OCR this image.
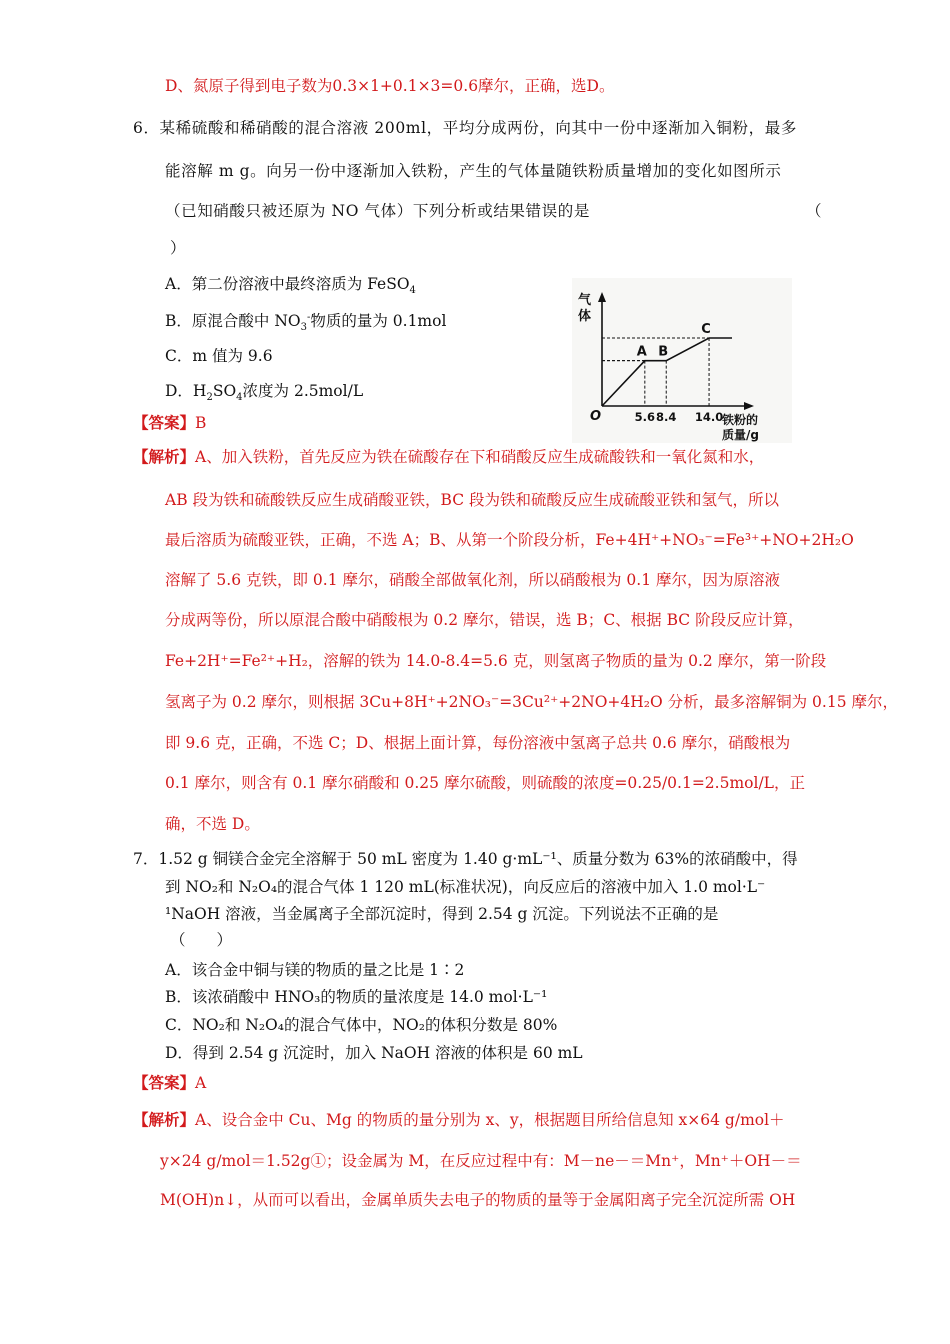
D、氮原子得到电子数为0.3×1+0.1×3=0.6摩尔，正确，选D。
6．某稀硫酸和稀硝酸的混合溶液 200ml，平均分成两份，向其中一份中逐渐加入铜粉，最多
能溶解 m g。向另一份中逐渐加入铁粉，产生的气体量随铁粉质量增加的变化如图所示
（已知硝酸只被还原为 NO 气体）下列分析或结果错误的是	（
）
A．第二份溶液中最终溶质为 FeSO$_4$
B．原混合酸中 $NO_3^-$物质的量为 0.1mol
C．m 值为 9.6
D．$H_2SO_4$浓度为 2.5mol/L
【答案】B
气
体
O	5.6 8.4 14.0
A B
C
铁粉的
质量/g
【解析】A、加入铁粉，首先反应为铁在硫酸存在下和硝酸反应生成硫酸铁和一氧化氮和水，
AB 段为铁和硫酸铁反应生成硝酸亚铁，BC 段为铁和硫酸反应生成硫酸亚铁和氢气，所以
最后溶质为硫酸亚铁，正确，不选 A；B、从第一个阶段分析，Fe+4H⁺+NO₃⁻=Fe³⁺+NO+2H₂O
溶解了 5.6 克铁，即 0.1 摩尔，硝酸全部做氧化剂，所以硝酸根为 0.1 摩尔，因为原溶液
分成两等份，所以原混合酸中硝酸根为 0.2 摩尔，错误，选 B；C、根据 BC 阶段反应计算，
Fe+2H⁺=Fe²⁺+H₂，溶解的铁为 14.0-8.4=5.6 克，则氢离子物质的量为 0.2 摩尔，第一阶段
氢离子为 0.2 摩尔，则根据 3Cu+8H⁺+2NO₃⁻=3Cu²⁺+2NO+4H₂O 分析，最多溶解铜为 0.15 摩尔，
即 9.6 克，正确，不选 C；D、根据上面计算，每份溶液中氢离子总共 0.6 摩尔，硝酸根为
0.1 摩尔，则含有 0.1 摩尔硝酸和 0.25 摩尔硫酸，则硫酸的浓度=0.25/0.1=2.5mol/L，正
确，不选 D。
7．1.52 g 铜镁合金完全溶解于 50 mL 密度为 1.40 g·mL⁻¹、质量分数为 63%的浓硝酸中，得
到 NO₂和 N₂O₄的混合气体 1 120 mL(标准状况)，向反应后的溶液中加入 1.0 mol·L⁻
¹NaOH 溶液，当金属离子全部沉淀时，得到 2.54 g 沉淀。下列说法不正确的是
（　　）
A．该合金中铜与镁的物质的量之比是 1∶2
B．该浓硝酸中 HNO₃的物质的量浓度是 14.0 mol·L⁻¹
C．NO₂和 N₂O₄的混合气体中，NO₂的体积分数是 80%
D．得到 2.54 g 沉淀时，加入 NaOH 溶液的体积是 60 mL
【答案】A
【解析】A、设合金中 Cu、Mg 的物质的量分别为 x、y，根据题目所给信息知 x×64 g/mol＋
y×24 g/mol＝1.52g①；设金属为 M，在反应过程中有：M－ne－＝Mn⁺，Mn⁺＋OH－＝
M(OH)n↓，从而可以看出，金属单质失去电子的物质的量等于金属阳离子完全沉淀所需 OH
